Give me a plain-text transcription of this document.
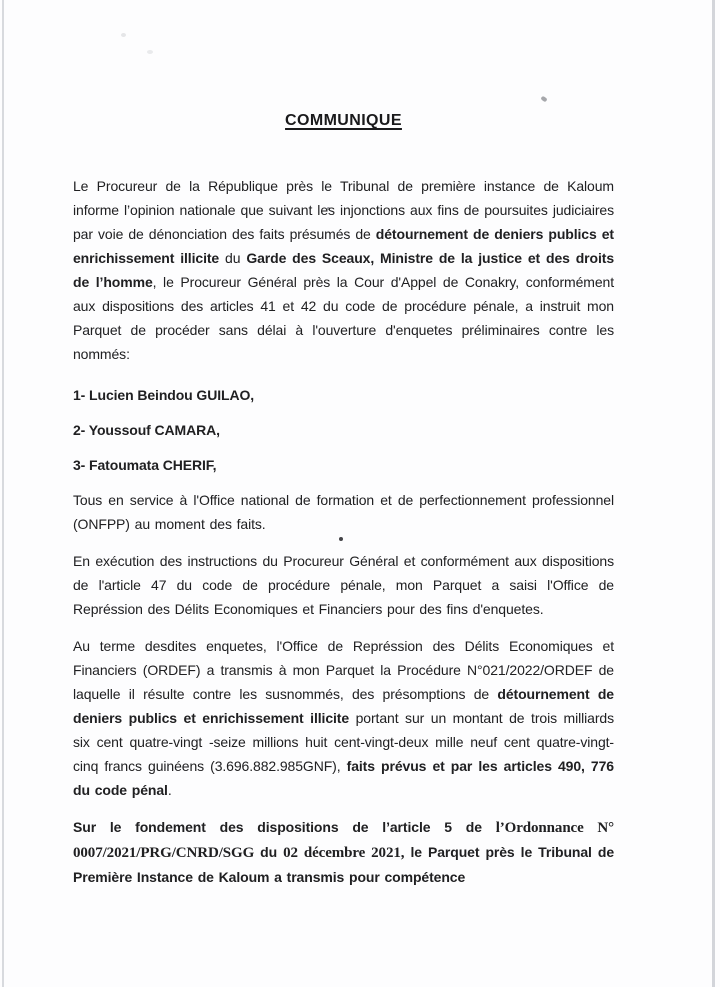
COMMUNIQUE

Le Procureur de la République près le Tribunal de première instance de Kaloum informe l’opinion nationale que suivant les injonctions aux fins de poursuites judiciaires par voie de dénonciation des faits présumés de détournement de deniers publics et enrichissement illicite du Garde des Sceaux, Ministre de la justice et des droits de l’homme, le Procureur Général près la Cour d'Appel de Conakry, conformément aux dispositions des articles 41 et 42 du code de procédure pénale, a instruit mon Parquet de procéder sans délai à l'ouverture d'enquetes préliminaires contre les nommés:

1- Lucien Beindou GUILAO,

2- Youssouf CAMARA,

3- Fatoumata CHERIF,

Tous en service à l'Office national de formation et de perfectionnement professionnel (ONFPP) au moment des faits.

En exécution des instructions du Procureur Général et conformément aux dispositions de l'article 47 du code de procédure pénale, mon Parquet a saisi l'Office de Représsion des Délits Economiques et Financiers pour des fins d'enquetes.

Au terme desdites enquetes, l'Office de Représsion des Délits Economiques et Financiers (ORDEF) a transmis à mon Parquet la Procédure N°021/2022/ORDEF de laquelle il résulte contre les susnommés, des présomptions de détournement de deniers publics et enrichissement illicite portant sur un montant de trois milliards six cent quatre-vingt -seize millions huit cent-vingt-deux mille neuf cent quatre-vingt-cinq francs guinéens (3.696.882.985GNF), faits prévus et par les articles 490, 776 du code pénal.

Sur le fondement des dispositions de l’article 5 de l’Ordonnance N° 0007/2021/PRG/CNRD/SGG du 02 décembre 2021, le Parquet près le Tribunal de Première Instance de Kaloum a transmis pour compétence
